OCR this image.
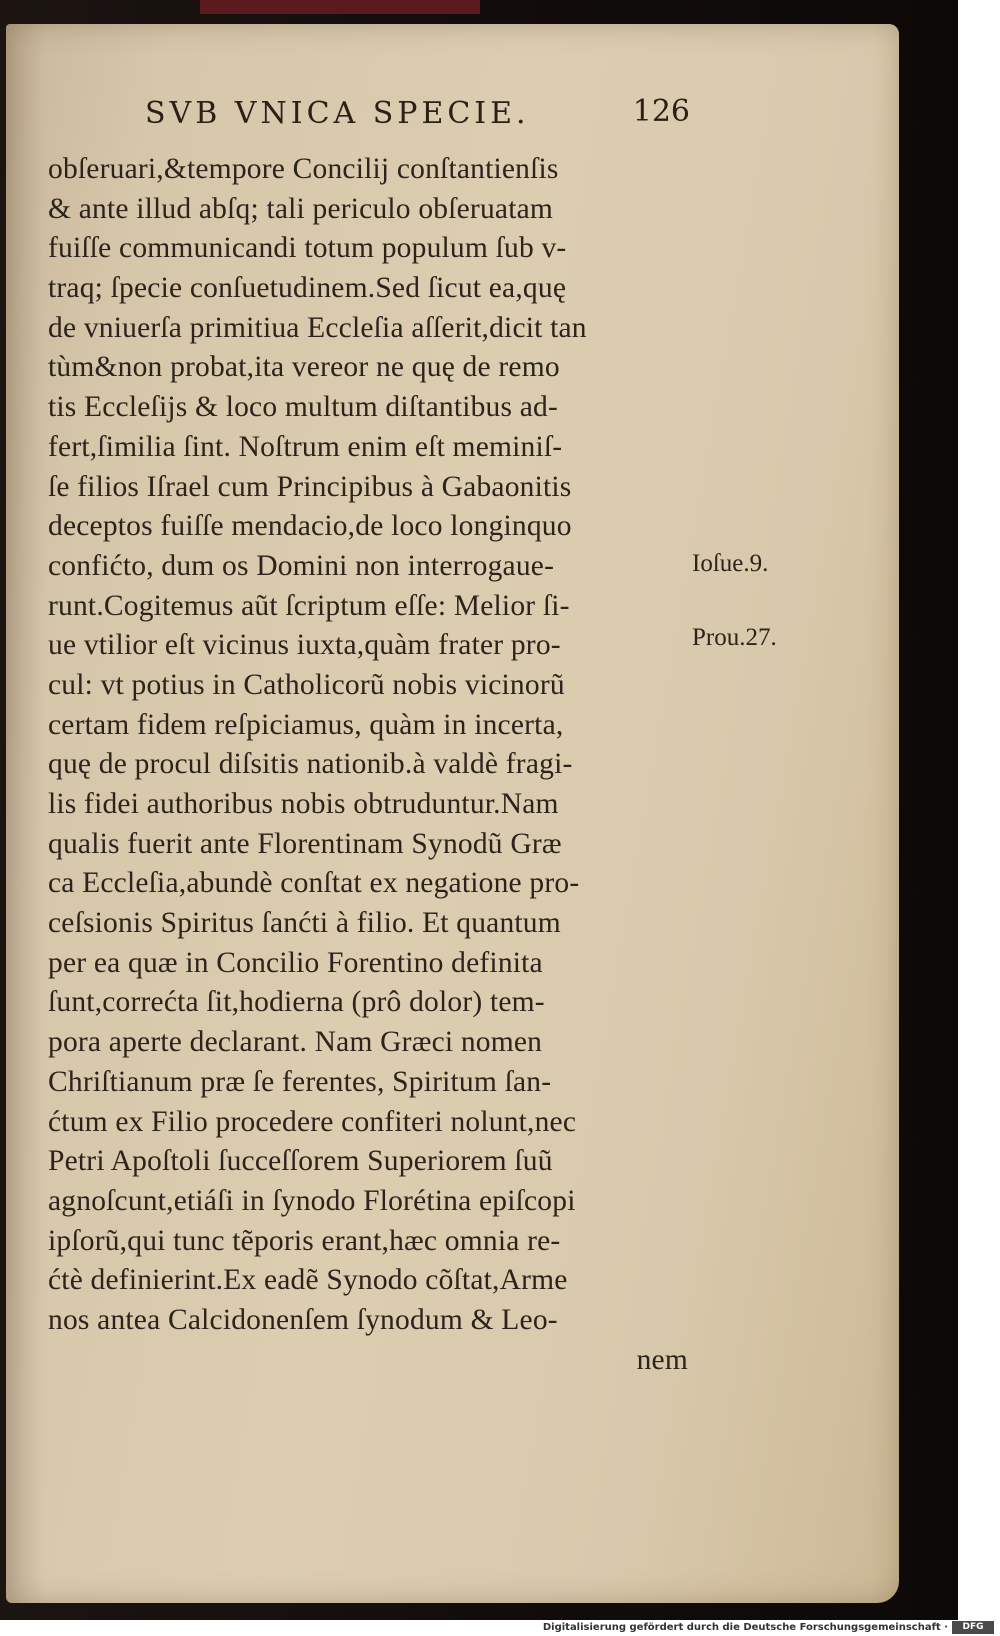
SVB VNICA SPECIE.	126
obſeruari,&tempore Concilij conſtantienſis
& ante illud abſq; tali periculo obſeruatam
fuiſſe communicandi totum populum ſub v-
traq; ſpecie conſuetudinem.Sed ſicut ea,quę
de vniuerſa primitiua Eccleſia aſſerit,dicit tan
tùm&non probat,ita vereor ne quę de remo
tis Eccleſijs & loco multum diſtantibus ad-
fert,ſimilia ſint. Noſtrum enim eſt meminiſ-
ſe filios Iſrael cum Principibus à Gabaonitis
deceptos fuiſſe mendacio,de loco longinquo
confićto, dum os Domini non interrogaue-
runt.Cogitemus aũt ſcriptum eſſe: Melior ſi-
ue vtilior eſt vicinus iuxta,quàm frater pro-
cul: vt potius in Catholicorũ nobis vicinorũ
certam fidem reſpiciamus, quàm in incerta,
quę de procul diſsitis nationib.à valdè fragi-
lis fidei authoribus nobis obtruduntur.Nam
qualis fuerit ante Florentinam Synodũ Græ
ca Eccleſia,abundè conſtat ex negatione pro-
ceſsionis Spiritus ſanćti à filio. Et quantum
per ea quæ in Concilio Forentino definita
ſunt,correćta ſit,hodierna (prô dolor) tem-
pora aperte declarant. Nam Græci nomen
Chriſtianum præ ſe ferentes, Spiritum ſan-
ćtum ex Filio procedere confiteri nolunt,nec
Petri Apoſtoli ſucceſſorem Superiorem ſuũ
agnoſcunt,etiáſi in ſynodo Florétina epiſcopi
ipſorũ,qui tunc tẽporis erant,hæc omnia re-
ćtè definierint.Ex eadẽ Synodo cõſtat,Arme
nos antea Calcidonenſem ſynodum & Leo-
nem
Ioſue.9.
Prou.27.
Digitalisierung gefördert durch die Deutsche Forschungsgemeinschaft ·	DFG
